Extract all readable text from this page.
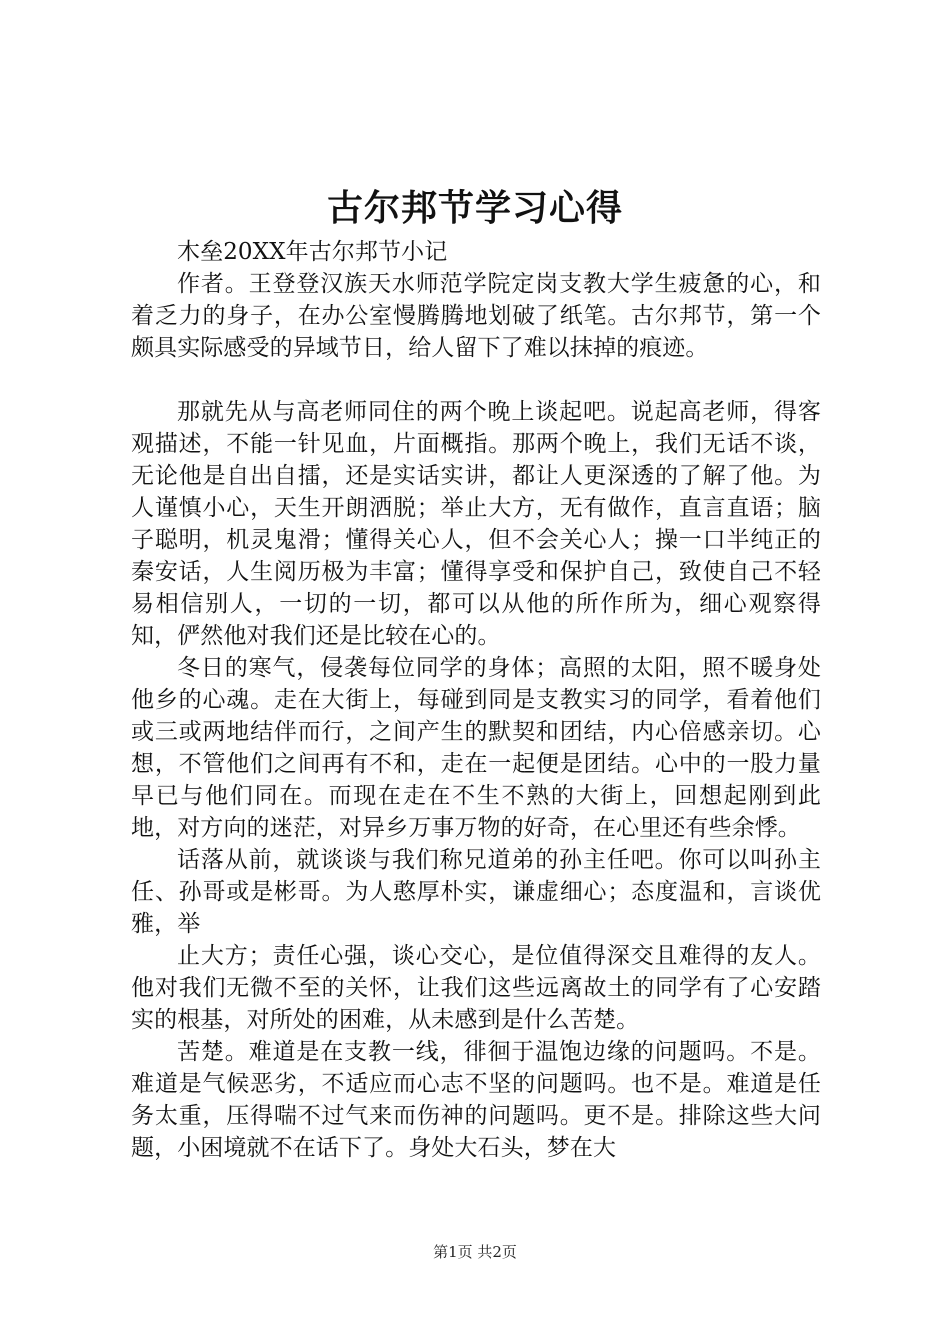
古尔邦节学习心得

木垒20XX年古尔邦节小记

作者。王登登汉族天水师范学院定岗支教大学生疲惫的心，和着乏力的身子，在办公室慢腾腾地划破了纸笔。古尔邦节，第一个颇具实际感受的异域节日，给人留下了难以抹掉的痕迹。

那就先从与高老师同住的两个晚上谈起吧。说起高老师，得客观描述，不能一针见血，片面概指。那两个晚上，我们无话不谈，无论他是自出自擂，还是实话实讲，都让人更深透的了解了他。为人谨慎小心，天生开朗洒脱；举止大方，无有做作，直言直语；脑子聪明，机灵鬼滑；懂得关心人，但不会关心人；操一口半纯正的秦安话，人生阅历极为丰富；懂得享受和保护自己，致使自己不轻易相信别人，一切的一切，都可以从他的所作所为，细心观察得知，俨然他对我们还是比较在心的。

冬日的寒气，侵袭每位同学的身体；高照的太阳，照不暖身处他乡的心魂。走在大街上，每碰到同是支教实习的同学，看着他们或三或两地结伴而行，之间产生的默契和团结，内心倍感亲切。心想，不管他们之间再有不和，走在一起便是团结。心中的一股力量早已与他们同在。而现在走在不生不熟的大街上，回想起刚到此地，对方向的迷茫，对异乡万事万物的好奇，在心里还有些余悸。

话落从前，就谈谈与我们称兄道弟的孙主任吧。你可以叫孙主任、孙哥或是彬哥。为人憨厚朴实，谦虚细心；态度温和，言谈优雅，举

止大方；责任心强，谈心交心，是位值得深交且难得的友人。他对我们无微不至的关怀，让我们这些远离故土的同学有了心安踏实的根基，对所处的困难，从未感到是什么苦楚。

苦楚。难道是在支教一线，徘徊于温饱边缘的问题吗。不是。难道是气候恶劣，不适应而心志不坚的问题吗。也不是。难道是任务太重，压得喘不过气来而伤神的问题吗。更不是。排除这些大问题，小困境就不在话下了。身处大石头，梦在大

第1页 共2页
